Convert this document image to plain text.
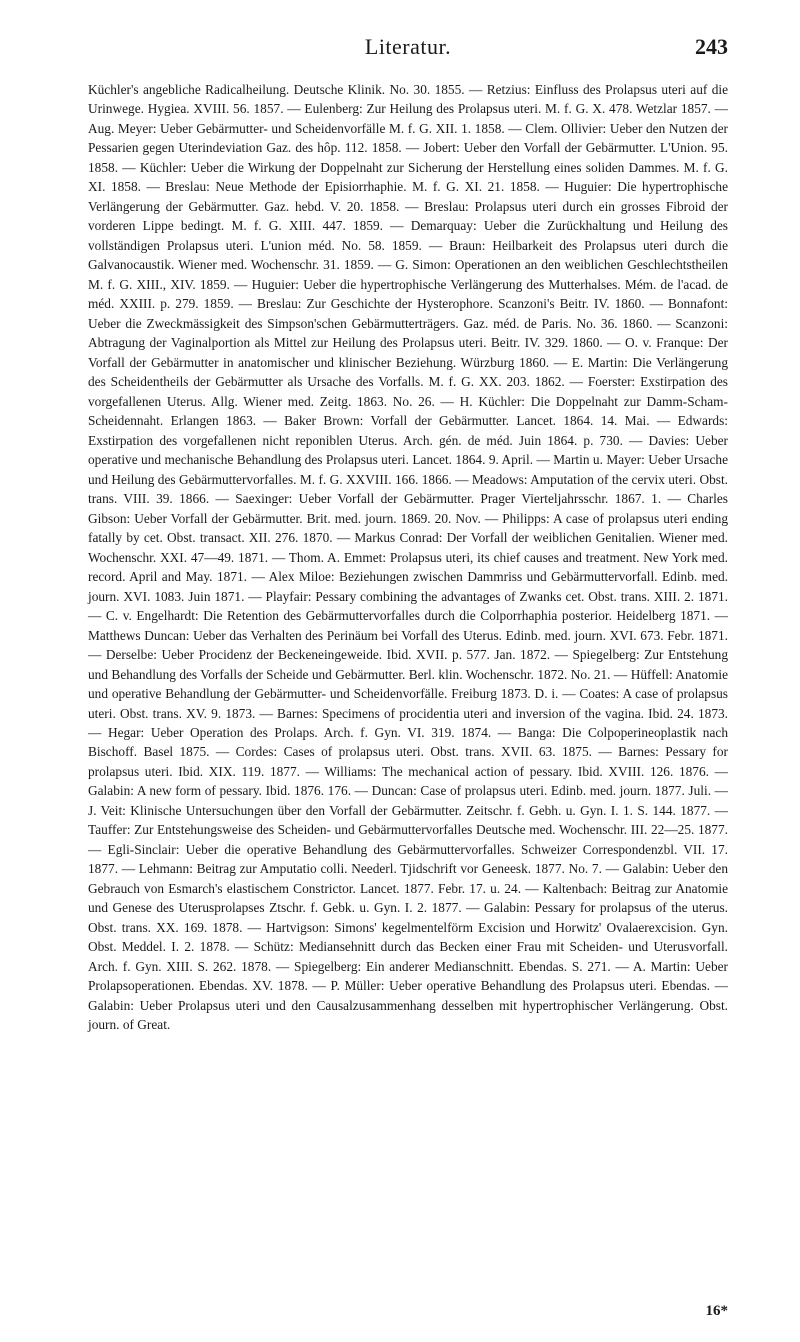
Literatur.	243

Küchler's angebliche Radicalheilung. Deutsche Klinik. No. 30. 1855. — Retzius: Einfluss des Prolapsus uteri auf die Urinwege. Hygiea. XVIII. 56. 1857. — Eulenberg: Zur Heilung des Prolapsus uteri. M. f. G. X. 478. Wetzlar 1857. — Aug. Meyer: Ueber Gebärmutter- und Scheidenvorfälle M. f. G. XII. 1. 1858. — Clem. Ollivier: Ueber den Nutzen der Pessarien gegen Uterindeviation Gaz. des hôp. 112. 1858. — Jobert: Ueber den Vorfall der Gebärmutter. L'Union. 95. 1858. — Küchler: Ueber die Wirkung der Doppelnaht zur Sicherung der Herstellung eines soliden Dammes. M. f. G. XI. 1858. — Breslau: Neue Methode der Episiorrhaphie. M. f. G. XI. 21. 1858. — Huguier: Die hypertrophische Verlängerung der Gebärmutter. Gaz. hebd. V. 20. 1858. — Breslau: Prolapsus uteri durch ein grosses Fibroid der vorderen Lippe bedingt. M. f. G. XIII. 447. 1859. — Demarquay: Ueber die Zurückhaltung und Heilung des vollständigen Prolapsus uteri. L'union méd. No. 58. 1859. — Braun: Heilbarkeit des Prolapsus uteri durch die Galvanocaustik. Wiener med. Wochenschr. 31. 1859. — G. Simon: Operationen an den weiblichen Geschlechtstheilen M. f. G. XIII., XIV. 1859. — Huguier: Ueber die hypertrophische Verlängerung des Mutterhalses. Mém. de l'acad. de méd. XXIII. p. 279. 1859. — Breslau: Zur Geschichte der Hysterophore. Scanzoni's Beitr. IV. 1860. — Bonnafont: Ueber die Zweckmässigkeit des Simpson'schen Gebärmutterträgers. Gaz. méd. de Paris. No. 36. 1860. — Scanzoni: Abtragung der Vaginalportion als Mittel zur Heilung des Prolapsus uteri. Beitr. IV. 329. 1860. — O. v. Franque: Der Vorfall der Gebärmutter in anatomischer und klinischer Beziehung. Würzburg 1860. — E. Martin: Die Verlängerung des Scheidentheils der Gebärmutter als Ursache des Vorfalls. M. f. G. XX. 203. 1862. — Foerster: Exstirpation des vorgefallenen Uterus. Allg. Wiener med. Zeitg. 1863. No. 26. — H. Küchler: Die Doppelnaht zur Damm-Scham-Scheidennaht. Erlangen 1863. — Baker Brown: Vorfall der Gebärmutter. Lancet. 1864. 14. Mai. — Edwards: Exstirpation des vorgefallenen nicht reponiblen Uterus. Arch. gén. de méd. Juin 1864. p. 730. — Davies: Ueber operative und mechanische Behandlung des Prolapsus uteri. Lancet. 1864. 9. April. — Martin u. Mayer: Ueber Ursache und Heilung des Gebärmuttervorfalles. M. f. G. XXVIII. 166. 1866. — Meadows: Amputation of the cervix uteri. Obst. trans. VIII. 39. 1866. — Saexinger: Ueber Vorfall der Gebärmutter. Prager Vierteljahrsschr. 1867. 1. — Charles Gibson: Ueber Vorfall der Gebärmutter. Brit. med. journ. 1869. 20. Nov. — Philipps: A case of prolapsus uteri ending fatally by cet. Obst. transact. XII. 276. 1870. — Markus Conrad: Der Vorfall der weiblichen Genitalien. Wiener med. Wochenschr. XXI. 47—49. 1871. — Thom. A. Emmet: Prolapsus uteri, its chief causes and treatment. New York med. record. April and May. 1871. — Alex Miloe: Beziehungen zwischen Dammriss und Gebärmuttervorfall. Edinb. med. journ. XVI. 1083. Juin 1871. — Playfair: Pessary combining the advantages of Zwanks cet. Obst. trans. XIII. 2. 1871. — C. v. Engelhardt: Die Retention des Gebärmuttervorfalles durch die Colporrhaphia posterior. Heidelberg 1871. — Matthews Duncan: Ueber das Verhalten des Perinäum bei Vorfall des Uterus. Edinb. med. journ. XVI. 673. Febr. 1871. — Derselbe: Ueber Procidenz der Beckeneingeweide. Ibid. XVII. p. 577. Jan. 1872. — Spiegelberg: Zur Entstehung und Behandlung des Vorfalls der Scheide und Gebärmutter. Berl. klin. Wochenschr. 1872. No. 21. — Hüffell: Anatomie und operative Behandlung der Gebärmutter- und Scheidenvorfälle. Freiburg 1873. D. i. — Coates: A case of prolapsus uteri. Obst. trans. XV. 9. 1873. — Barnes: Specimens of procidentia uteri and inversion of the vagina. Ibid. 24. 1873. — Hegar: Ueber Operation des Prolaps. Arch. f. Gyn. VI. 319. 1874. — Banga: Die Colpoperineoplastik nach Bischoff. Basel 1875. — Cordes: Cases of prolapsus uteri. Obst. trans. XVII. 63. 1875. — Barnes: Pessary for prolapsus uteri. Ibid. XIX. 119. 1877. — Williams: The mechanical action of pessary. Ibid. XVIII. 126. 1876. — Galabin: A new form of pessary. Ibid. 1876. 176. — Duncan: Case of prolapsus uteri. Edinb. med. journ. 1877. Juli. — J. Veit: Klinische Untersuchungen über den Vorfall der Gebärmutter. Zeitschr. f. Gebh. u. Gyn. I. 1. S. 144. 1877. — Tauffer: Zur Entstehungsweise des Scheiden- und Gebärmuttervorfalles Deutsche med. Wochenschr. III. 22—25. 1877. — Egli-Sinclair: Ueber die operative Behandlung des Gebärmuttervorfalles. Schweizer Correspondenzbl. VII. 17. 1877. — Lehmann: Beitrag zur Amputatio colli. Neederl. Tjidschrift vor Geneesk. 1877. No. 7. — Galabin: Ueber den Gebrauch von Esmarch's elastischem Constrictor. Lancet. 1877. Febr. 17. u. 24. — Kaltenbach: Beitrag zur Anatomie und Genese des Uterusprolapses Ztschr. f. Gebk. u. Gyn. I. 2. 1877. — Galabin: Pessary for prolapsus of the uterus. Obst. trans. XX. 169. 1878. — Hartvigson: Simons' kegelmentelförm Excision und Horwitz' Ovalaerexcision. Gyn. Obst. Meddel. I. 2. 1878. — Schütz: Mediansehnitt durch das Becken einer Frau mit Scheiden- und Uterusvorfall. Arch. f. Gyn. XIII. S. 262. 1878. — Spiegelberg: Ein anderer Medianschnitt. Ebendas. S. 271. — A. Martin: Ueber Prolapsoperationen. Ebendas. XV. 1878. — P. Müller: Ueber operative Behandlung des Prolapsus uteri. Ebendas. — Galabin: Ueber Prolapsus uteri und den Causalzusammenhang desselben mit hypertrophischer Verlängerung. Obst. journ. of Great.

16*
